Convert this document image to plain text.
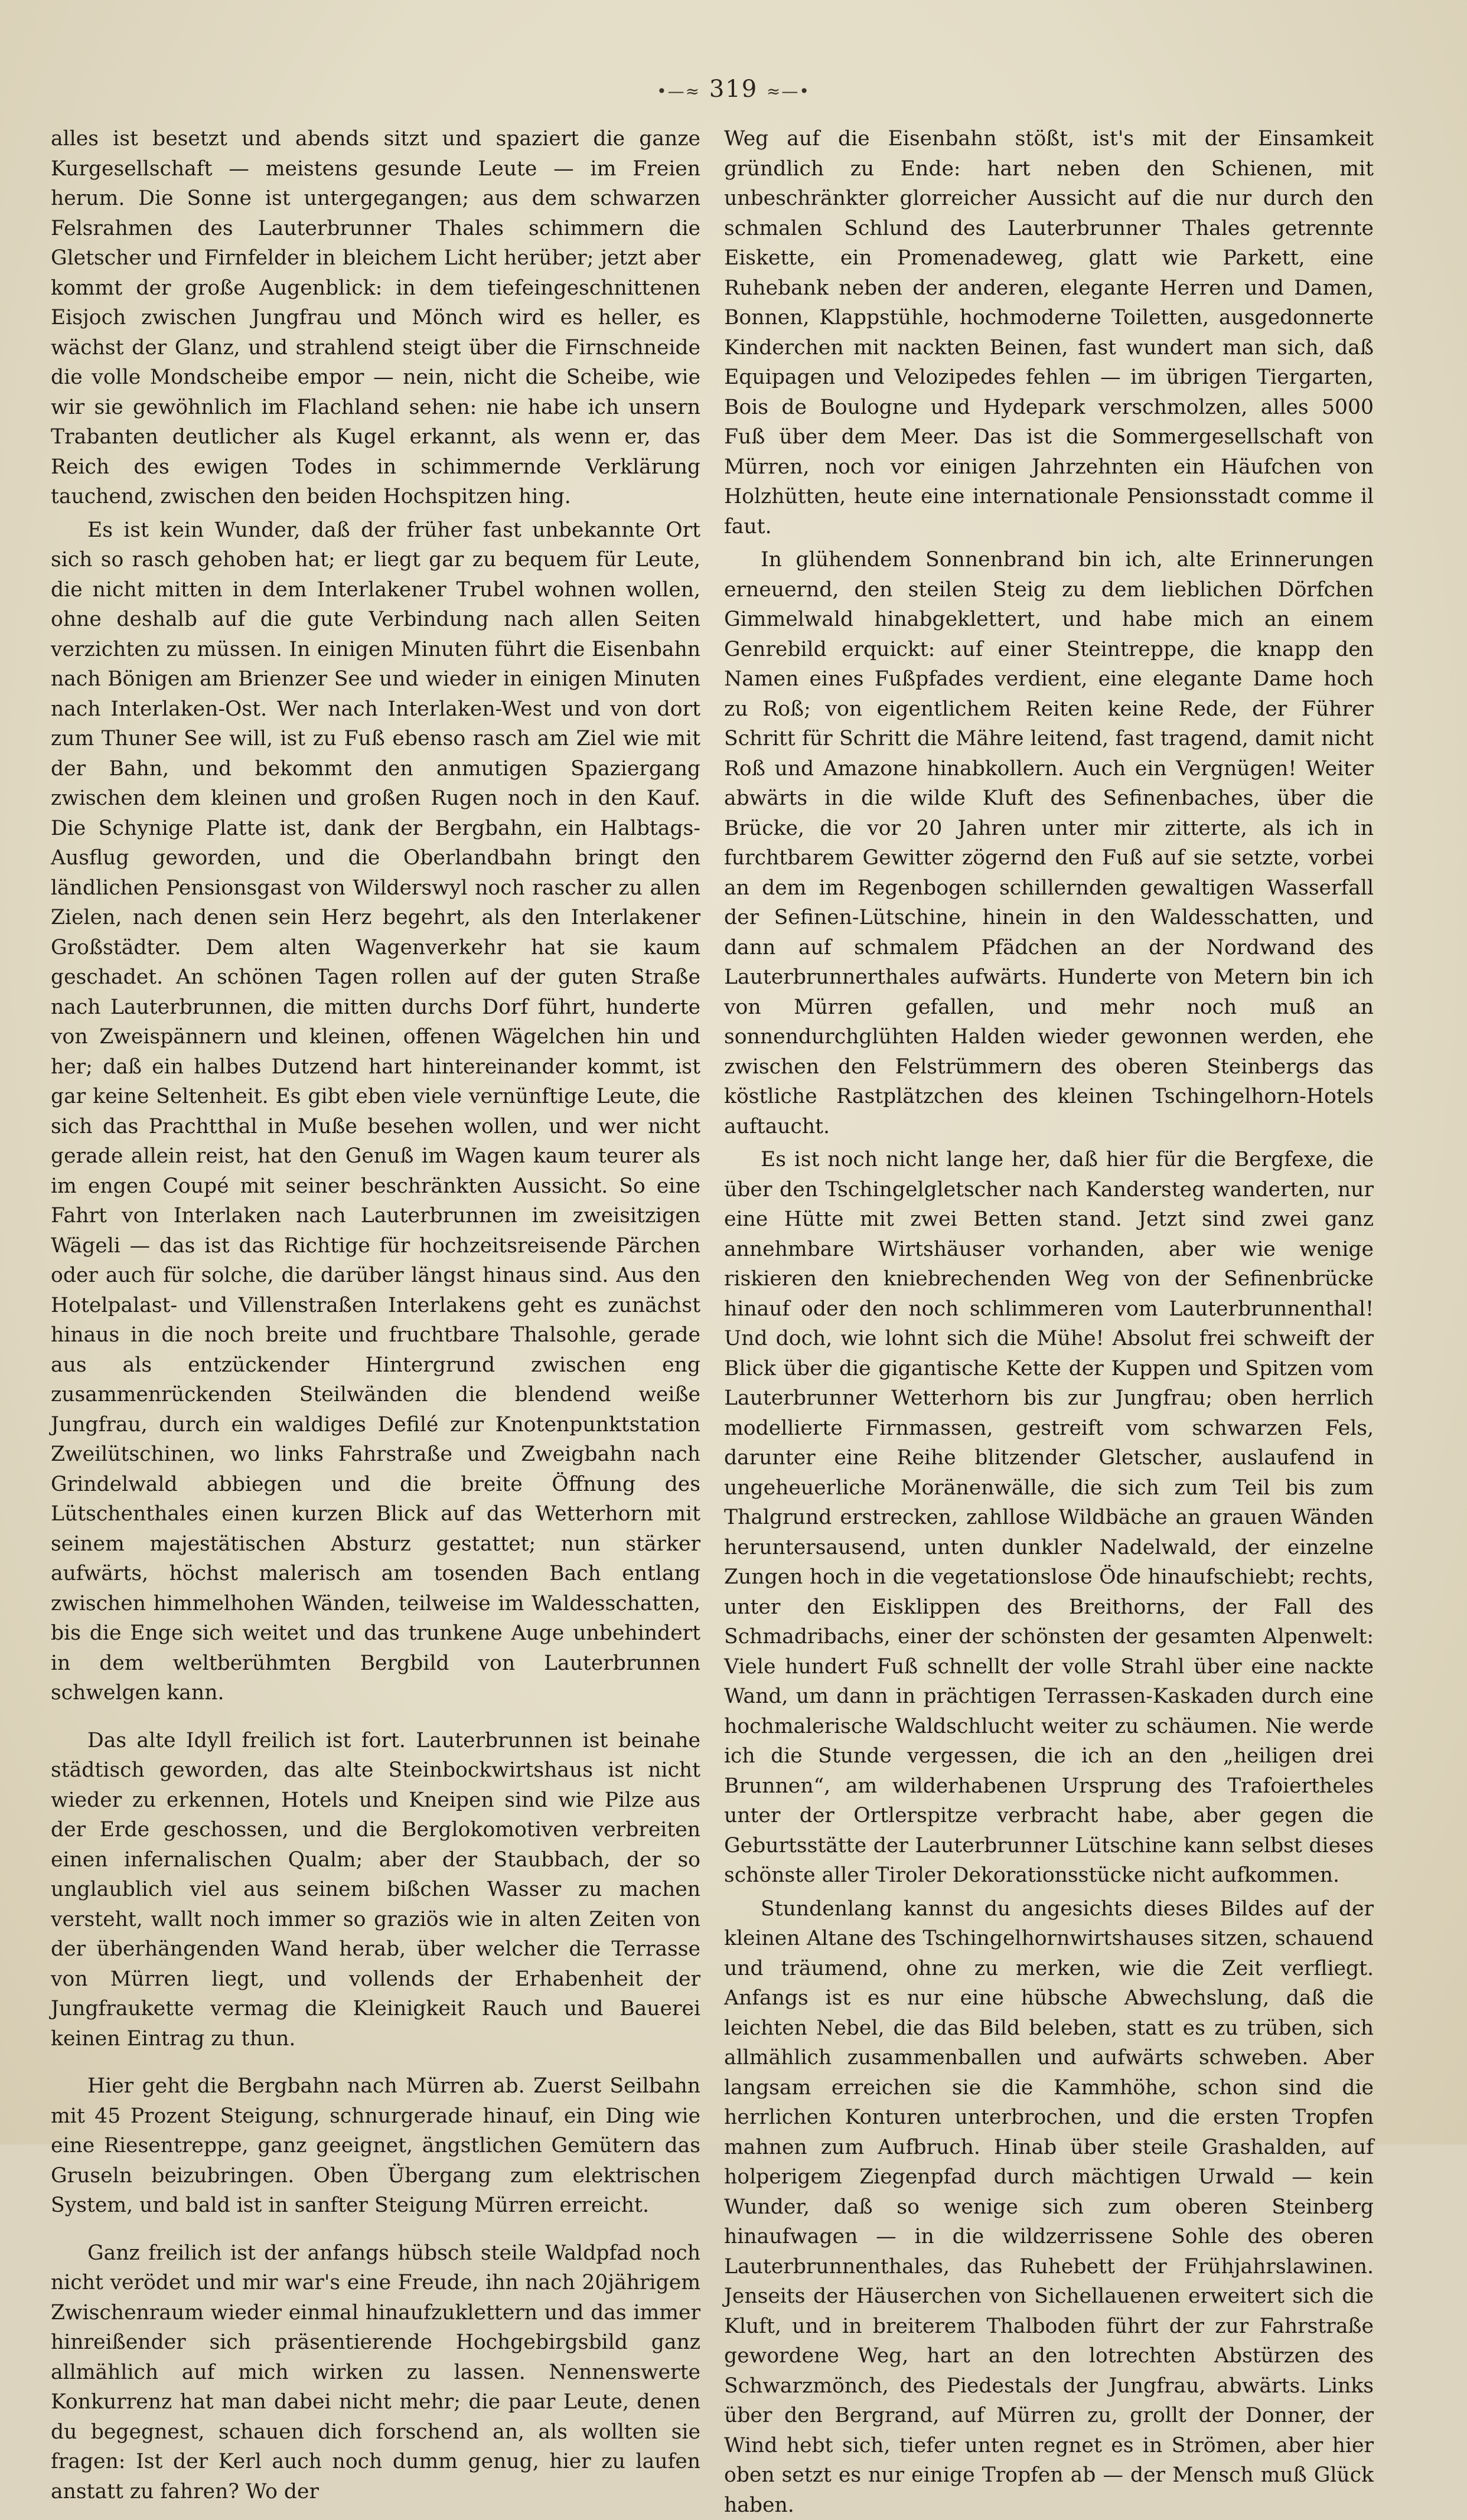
•—≈ 319 ≈—•

alles ist besetzt und abends sitzt und spaziert die ganze Kurgesellschaft — meistens gesunde Leute — im Freien herum. Die Sonne ist untergegangen; aus dem schwarzen Felsrahmen des Lauterbrunner Thales schimmern die Gletscher und Firnfelder in bleichem Licht herüber; jetzt aber kommt der große Augenblick: in dem tiefeingeschnittenen Eisjoch zwischen Jungfrau und Mönch wird es heller, es wächst der Glanz, und strahlend steigt über die Firnschneide die volle Mondscheibe empor — nein, nicht die Scheibe, wie wir sie gewöhnlich im Flachland sehen: nie habe ich unsern Trabanten deutlicher als Kugel erkannt, als wenn er, das Reich des ewigen Todes in schimmernde Verklärung tauchend, zwischen den beiden Hochspitzen hing.

Es ist kein Wunder, daß der früher fast unbekannte Ort sich so rasch gehoben hat; er liegt gar zu bequem für Leute, die nicht mitten in dem Interlakener Trubel wohnen wollen, ohne deshalb auf die gute Verbindung nach allen Seiten verzichten zu müssen. In einigen Minuten führt die Eisenbahn nach Bönigen am Brienzer See und wieder in einigen Minuten nach Interlaken-Ost. Wer nach Interlaken-West und von dort zum Thuner See will, ist zu Fuß ebenso rasch am Ziel wie mit der Bahn, und bekommt den anmutigen Spaziergang zwischen dem kleinen und großen Rugen noch in den Kauf. Die Schynige Platte ist, dank der Bergbahn, ein Halbtags-Ausflug geworden, und die Oberlandbahn bringt den ländlichen Pensionsgast von Wilderswyl noch rascher zu allen Zielen, nach denen sein Herz begehrt, als den Interlakener Großstädter. Dem alten Wagenverkehr hat sie kaum geschadet. An schönen Tagen rollen auf der guten Straße nach Lauterbrunnen, die mitten durchs Dorf führt, hunderte von Zweispännern und kleinen, offenen Wägelchen hin und her; daß ein halbes Dutzend hart hintereinander kommt, ist gar keine Seltenheit. Es gibt eben viele vernünftige Leute, die sich das Prachtthal in Muße besehen wollen, und wer nicht gerade allein reist, hat den Genuß im Wagen kaum teurer als im engen Coupé mit seiner beschränkten Aussicht. So eine Fahrt von Interlaken nach Lauterbrunnen im zweisitzigen Wägeli — das ist das Richtige für hochzeitsreisende Pärchen oder auch für solche, die darüber längst hinaus sind. Aus den Hotelpalast- und Villenstraßen Interlakens geht es zunächst hinaus in die noch breite und fruchtbare Thalsohle, gerade aus als entzückender Hintergrund zwischen eng zusammenrückenden Steilwänden die blendend weiße Jungfrau, durch ein waldiges Defilé zur Knotenpunktstation Zweilütschinen, wo links Fahrstraße und Zweigbahn nach Grindelwald abbiegen und die breite Öffnung des Lütschenthales einen kurzen Blick auf das Wetterhorn mit seinem majestätischen Absturz gestattet; nun stärker aufwärts, höchst malerisch am tosenden Bach entlang zwischen himmelhohen Wänden, teilweise im Waldesschatten, bis die Enge sich weitet und das trunkene Auge unbehindert in dem weltberühmten Bergbild von Lauterbrunnen schwelgen kann.

Das alte Idyll freilich ist fort. Lauterbrunnen ist beinahe städtisch geworden, das alte Steinbockwirtshaus ist nicht wieder zu erkennen, Hotels und Kneipen sind wie Pilze aus der Erde geschossen, und die Berglokomotiven verbreiten einen infernalischen Qualm; aber der Staubbach, der so unglaublich viel aus seinem bißchen Wasser zu machen versteht, wallt noch immer so graziös wie in alten Zeiten von der überhängenden Wand herab, über welcher die Terrasse von Mürren liegt, und vollends der Erhabenheit der Jungfraukette vermag die Kleinigkeit Rauch und Bauerei keinen Eintrag zu thun.

Hier geht die Bergbahn nach Mürren ab. Zuerst Seilbahn mit 45 Prozent Steigung, schnurgerade hinauf, ein Ding wie eine Riesentreppe, ganz geeignet, ängstlichen Gemütern das Gruseln beizubringen. Oben Übergang zum elektrischen System, und bald ist in sanfter Steigung Mürren erreicht.

Ganz freilich ist der anfangs hübsch steile Waldpfad noch nicht verödet und mir war's eine Freude, ihn nach 20jährigem Zwischenraum wieder einmal hinaufzuklettern und das immer hinreißender sich präsentierende Hochgebirgsbild ganz allmählich auf mich wirken zu lassen. Nennenswerte Konkurrenz hat man dabei nicht mehr; die paar Leute, denen du begegnest, schauen dich forschend an, als wollten sie fragen: Ist der Kerl auch noch dumm genug, hier zu laufen anstatt zu fahren? Wo der

Weg auf die Eisenbahn stößt, ist's mit der Einsamkeit gründlich zu Ende: hart neben den Schienen, mit unbeschränkter glorreicher Aussicht auf die nur durch den schmalen Schlund des Lauterbrunner Thales getrennte Eiskette, ein Promenadeweg, glatt wie Parkett, eine Ruhebank neben der anderen, elegante Herren und Damen, Bonnen, Klappstühle, hochmoderne Toiletten, ausgedonnerte Kinderchen mit nackten Beinen, fast wundert man sich, daß Equipagen und Velozipedes fehlen — im übrigen Tiergarten, Bois de Boulogne und Hydepark verschmolzen, alles 5000 Fuß über dem Meer. Das ist die Sommergesellschaft von Mürren, noch vor einigen Jahrzehnten ein Häufchen von Holzhütten, heute eine internationale Pensionsstadt comme il faut.

In glühendem Sonnenbrand bin ich, alte Erinnerungen erneuernd, den steilen Steig zu dem lieblichen Dörfchen Gimmelwald hinabgeklettert, und habe mich an einem Genrebild erquickt: auf einer Steintreppe, die knapp den Namen eines Fußpfades verdient, eine elegante Dame hoch zu Roß; von eigentlichem Reiten keine Rede, der Führer Schritt für Schritt die Mähre leitend, fast tragend, damit nicht Roß und Amazone hinabkollern. Auch ein Vergnügen! Weiter abwärts in die wilde Kluft des Sefinenbaches, über die Brücke, die vor 20 Jahren unter mir zitterte, als ich in furchtbarem Gewitter zögernd den Fuß auf sie setzte, vorbei an dem im Regenbogen schillernden gewaltigen Wasserfall der Sefinen-Lütschine, hinein in den Waldesschatten, und dann auf schmalem Pfädchen an der Nordwand des Lauterbrunnerthales aufwärts. Hunderte von Metern bin ich von Mürren gefallen, und mehr noch muß an sonnendurchglühten Halden wieder gewonnen werden, ehe zwischen den Felstrümmern des oberen Steinbergs das köstliche Rastplätzchen des kleinen Tschingelhorn-Hotels auftaucht.

Es ist noch nicht lange her, daß hier für die Bergfexe, die über den Tschingelgletscher nach Kandersteg wanderten, nur eine Hütte mit zwei Betten stand. Jetzt sind zwei ganz annehmbare Wirtshäuser vorhanden, aber wie wenige riskieren den kniebrechenden Weg von der Sefinenbrücke hinauf oder den noch schlimmeren vom Lauterbrunnenthal! Und doch, wie lohnt sich die Mühe! Absolut frei schweift der Blick über die gigantische Kette der Kuppen und Spitzen vom Lauterbrunner Wetterhorn bis zur Jungfrau; oben herrlich modellierte Firnmassen, gestreift vom schwarzen Fels, darunter eine Reihe blitzender Gletscher, auslaufend in ungeheuerliche Moränenwälle, die sich zum Teil bis zum Thalgrund erstrecken, zahllose Wildbäche an grauen Wänden heruntersausend, unten dunkler Nadelwald, der einzelne Zungen hoch in die vegetationslose Öde hinaufschiebt; rechts, unter den Eisklippen des Breithorns, der Fall des Schmadribachs, einer der schönsten der gesamten Alpenwelt: Viele hundert Fuß schnellt der volle Strahl über eine nackte Wand, um dann in prächtigen Terrassen-Kaskaden durch eine hochmalerische Waldschlucht weiter zu schäumen. Nie werde ich die Stunde vergessen, die ich an den „heiligen drei Brunnen“, am wilderhabenen Ursprung des Trafoiertheles unter der Ortlerspitze verbracht habe, aber gegen die Geburtsstätte der Lauterbrunner Lütschine kann selbst dieses schönste aller Tiroler Dekorationsstücke nicht aufkommen.

Stundenlang kannst du angesichts dieses Bildes auf der kleinen Altane des Tschingelhornwirtshauses sitzen, schauend und träumend, ohne zu merken, wie die Zeit verfliegt. Anfangs ist es nur eine hübsche Abwechslung, daß die leichten Nebel, die das Bild beleben, statt es zu trüben, sich allmählich zusammenballen und aufwärts schweben. Aber langsam erreichen sie die Kammhöhe, schon sind die herrlichen Konturen unterbrochen, und die ersten Tropfen mahnen zum Aufbruch. Hinab über steile Grashalden, auf holperigem Ziegenpfad durch mächtigen Urwald — kein Wunder, daß so wenige sich zum oberen Steinberg hinaufwagen — in die wildzerrissene Sohle des oberen Lauterbrunnenthales, das Ruhebett der Frühjahrslawinen. Jenseits der Häuserchen von Sichellauenen erweitert sich die Kluft, und in breiterem Thalboden führt der zur Fahrstraße gewordene Weg, hart an den lotrechten Abstürzen des Schwarzmönch, des Piedestals der Jungfrau, abwärts. Links über den Bergrand, auf Mürren zu, grollt der Donner, der Wind hebt sich, tiefer unten regnet es in Strömen, aber hier oben setzt es nur einige Tropfen ab — der Mensch muß Glück haben.
